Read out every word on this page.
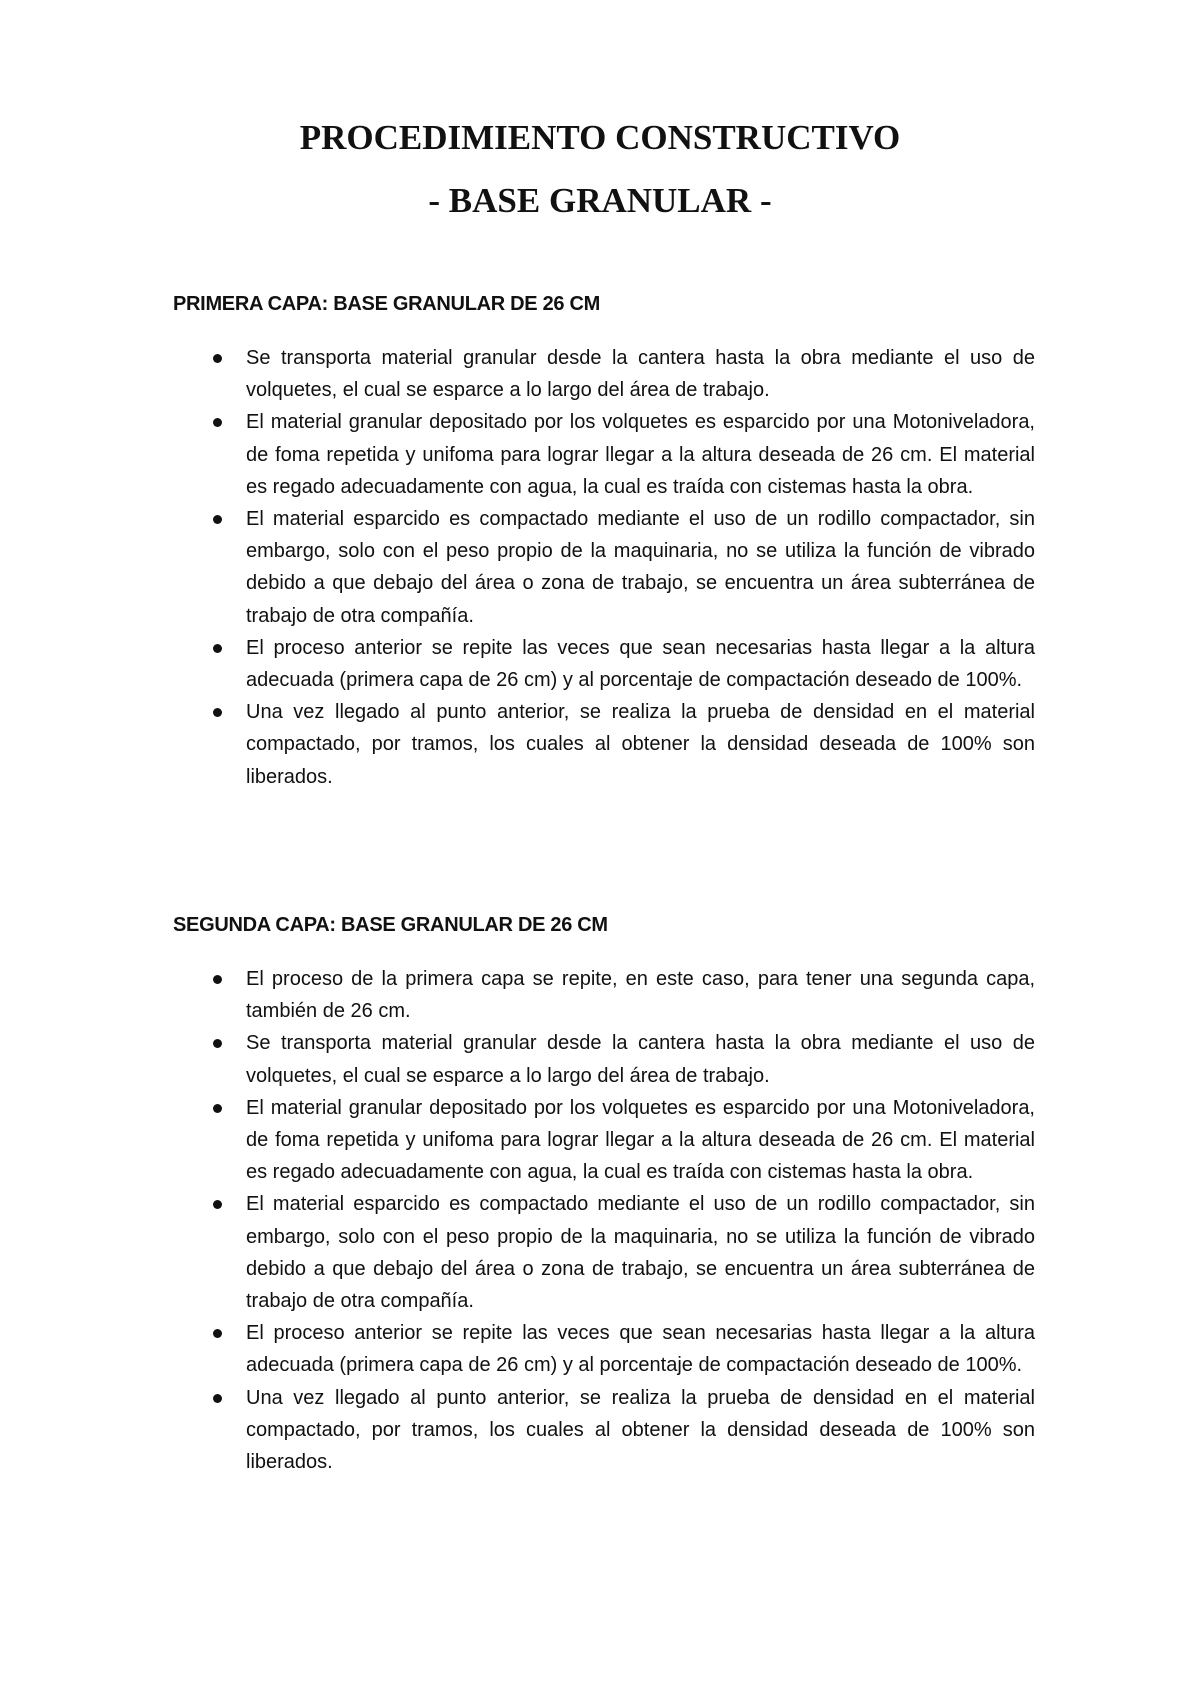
PROCEDIMIENTO CONSTRUCTIVO
- BASE GRANULAR -
PRIMERA CAPA: BASE GRANULAR DE 26 CM
Se transporta material granular desde la cantera hasta la obra mediante el uso de volquetes, el cual se esparce a lo largo del área de trabajo.
El material granular depositado por los volquetes es esparcido por una Motoniveladora, de foma repetida y unifoma para lograr llegar a la altura deseada de 26 cm. El material es regado adecuadamente con agua, la cual es traída con cistemas hasta la obra.
El material esparcido es compactado mediante el uso de un rodillo compactador, sin embargo, solo con el peso propio de la maquinaria, no se utiliza la función de vibrado debido a que debajo del área o zona de trabajo, se encuentra un área subterránea de trabajo de otra compañía.
El proceso anterior se repite las veces que sean necesarias hasta llegar a la altura adecuada (primera capa de 26 cm) y al porcentaje de compactación deseado de 100%.
Una vez llegado al punto anterior, se realiza la prueba de densidad en el material compactado, por tramos, los cuales al obtener la densidad deseada de 100% son liberados.
SEGUNDA CAPA: BASE GRANULAR DE 26 CM
El proceso de la primera capa se repite, en este caso, para tener una segunda capa, también de 26 cm.
Se transporta material granular desde la cantera hasta la obra mediante el uso de volquetes, el cual se esparce a lo largo del área de trabajo.
El material granular depositado por los volquetes es esparcido por una Motoniveladora, de foma repetida y unifoma para lograr llegar a la altura deseada de 26 cm. El material es regado adecuadamente con agua, la cual es traída con cistemas hasta la obra.
El material esparcido es compactado mediante el uso de un rodillo compactador, sin embargo, solo con el peso propio de la maquinaria, no se utiliza la función de vibrado debido a que debajo del área o zona de trabajo, se encuentra un área subterránea de trabajo de otra compañía.
El proceso anterior se repite las veces que sean necesarias hasta llegar a la altura adecuada (primera capa de 26 cm) y al porcentaje de compactación deseado de 100%.
Una vez llegado al punto anterior, se realiza la prueba de densidad en el material compactado, por tramos, los cuales al obtener la densidad deseada de 100% son liberados.
